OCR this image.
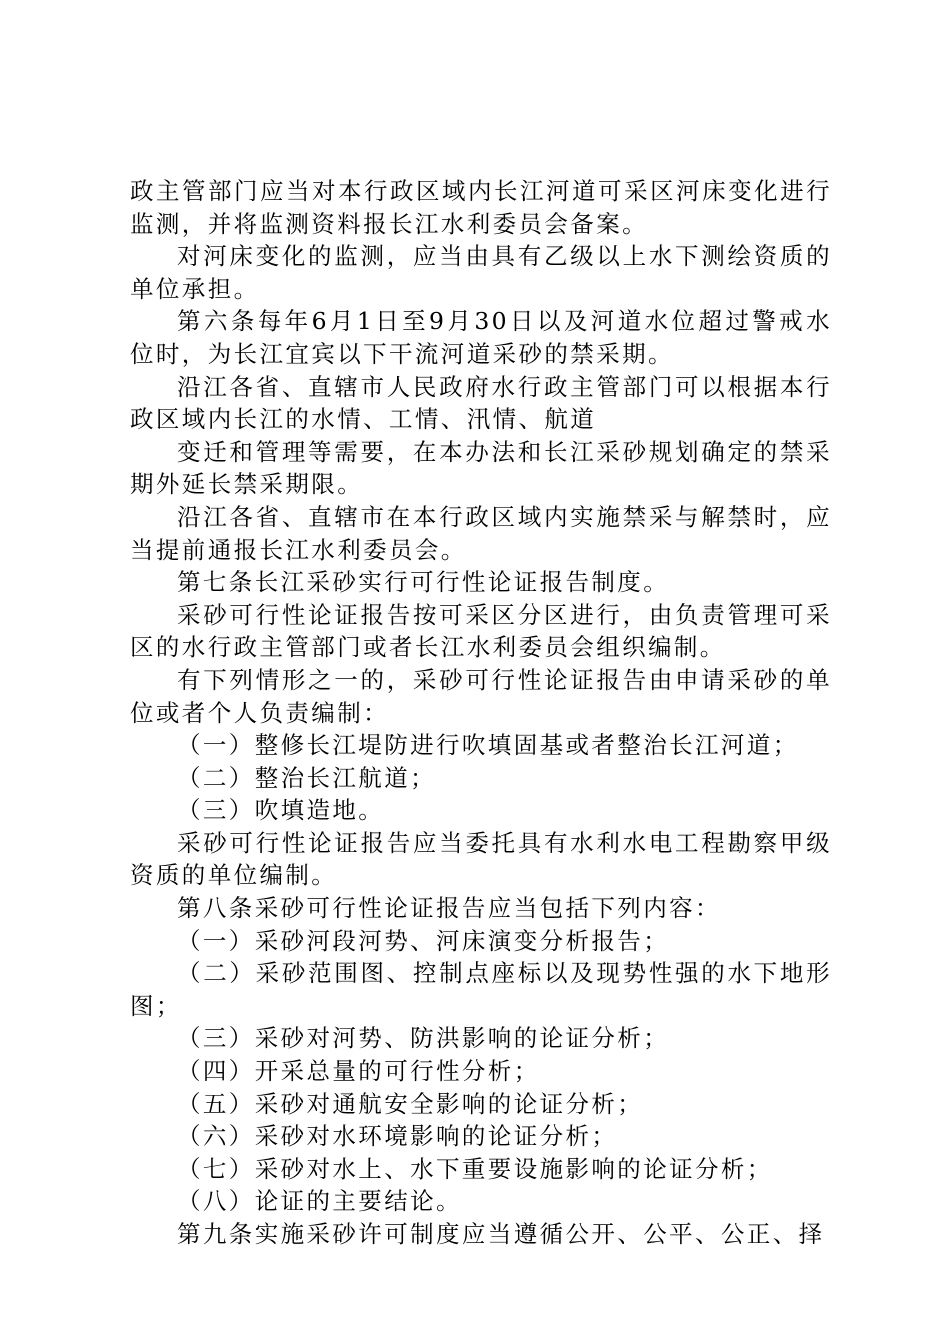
政主管部门应当对本行政区域内长江河道可采区河床变化进行监测，并将监测资料报长江水利委员会备案。

对河床变化的监测，应当由具有乙级以上水下测绘资质的单位承担。

第六条每年6月1日至9月30日以及河道水位超过警戒水位时，为长江宜宾以下干流河道采砂的禁采期。

沿江各省、直辖市人民政府水行政主管部门可以根据本行政区域内长江的水情、工情、汛情、航道

变迁和管理等需要，在本办法和长江采砂规划确定的禁采期外延长禁采期限。

沿江各省、直辖市在本行政区域内实施禁采与解禁时，应当提前通报长江水利委员会。

第七条长江采砂实行可行性论证报告制度。

采砂可行性论证报告按可采区分区进行，由负责管理可采区的水行政主管部门或者长江水利委员会组织编制。

有下列情形之一的，采砂可行性论证报告由申请采砂的单位或者个人负责编制：

（一）整修长江堤防进行吹填固基或者整治长江河道；

（二）整治长江航道；

（三）吹填造地。

采砂可行性论证报告应当委托具有水利水电工程勘察甲级资质的单位编制。

第八条采砂可行性论证报告应当包括下列内容：

（一）采砂河段河势、河床演变分析报告；

（二）采砂范围图、控制点座标以及现势性强的水下地形图；

（三）采砂对河势、防洪影响的论证分析；

（四）开采总量的可行性分析；

（五）采砂对通航安全影响的论证分析；

（六）采砂对水环境影响的论证分析；

（七）采砂对水上、水下重要设施影响的论证分析；

（八）论证的主要结论。

第九条实施采砂许可制度应当遵循公开、公平、公正、择
